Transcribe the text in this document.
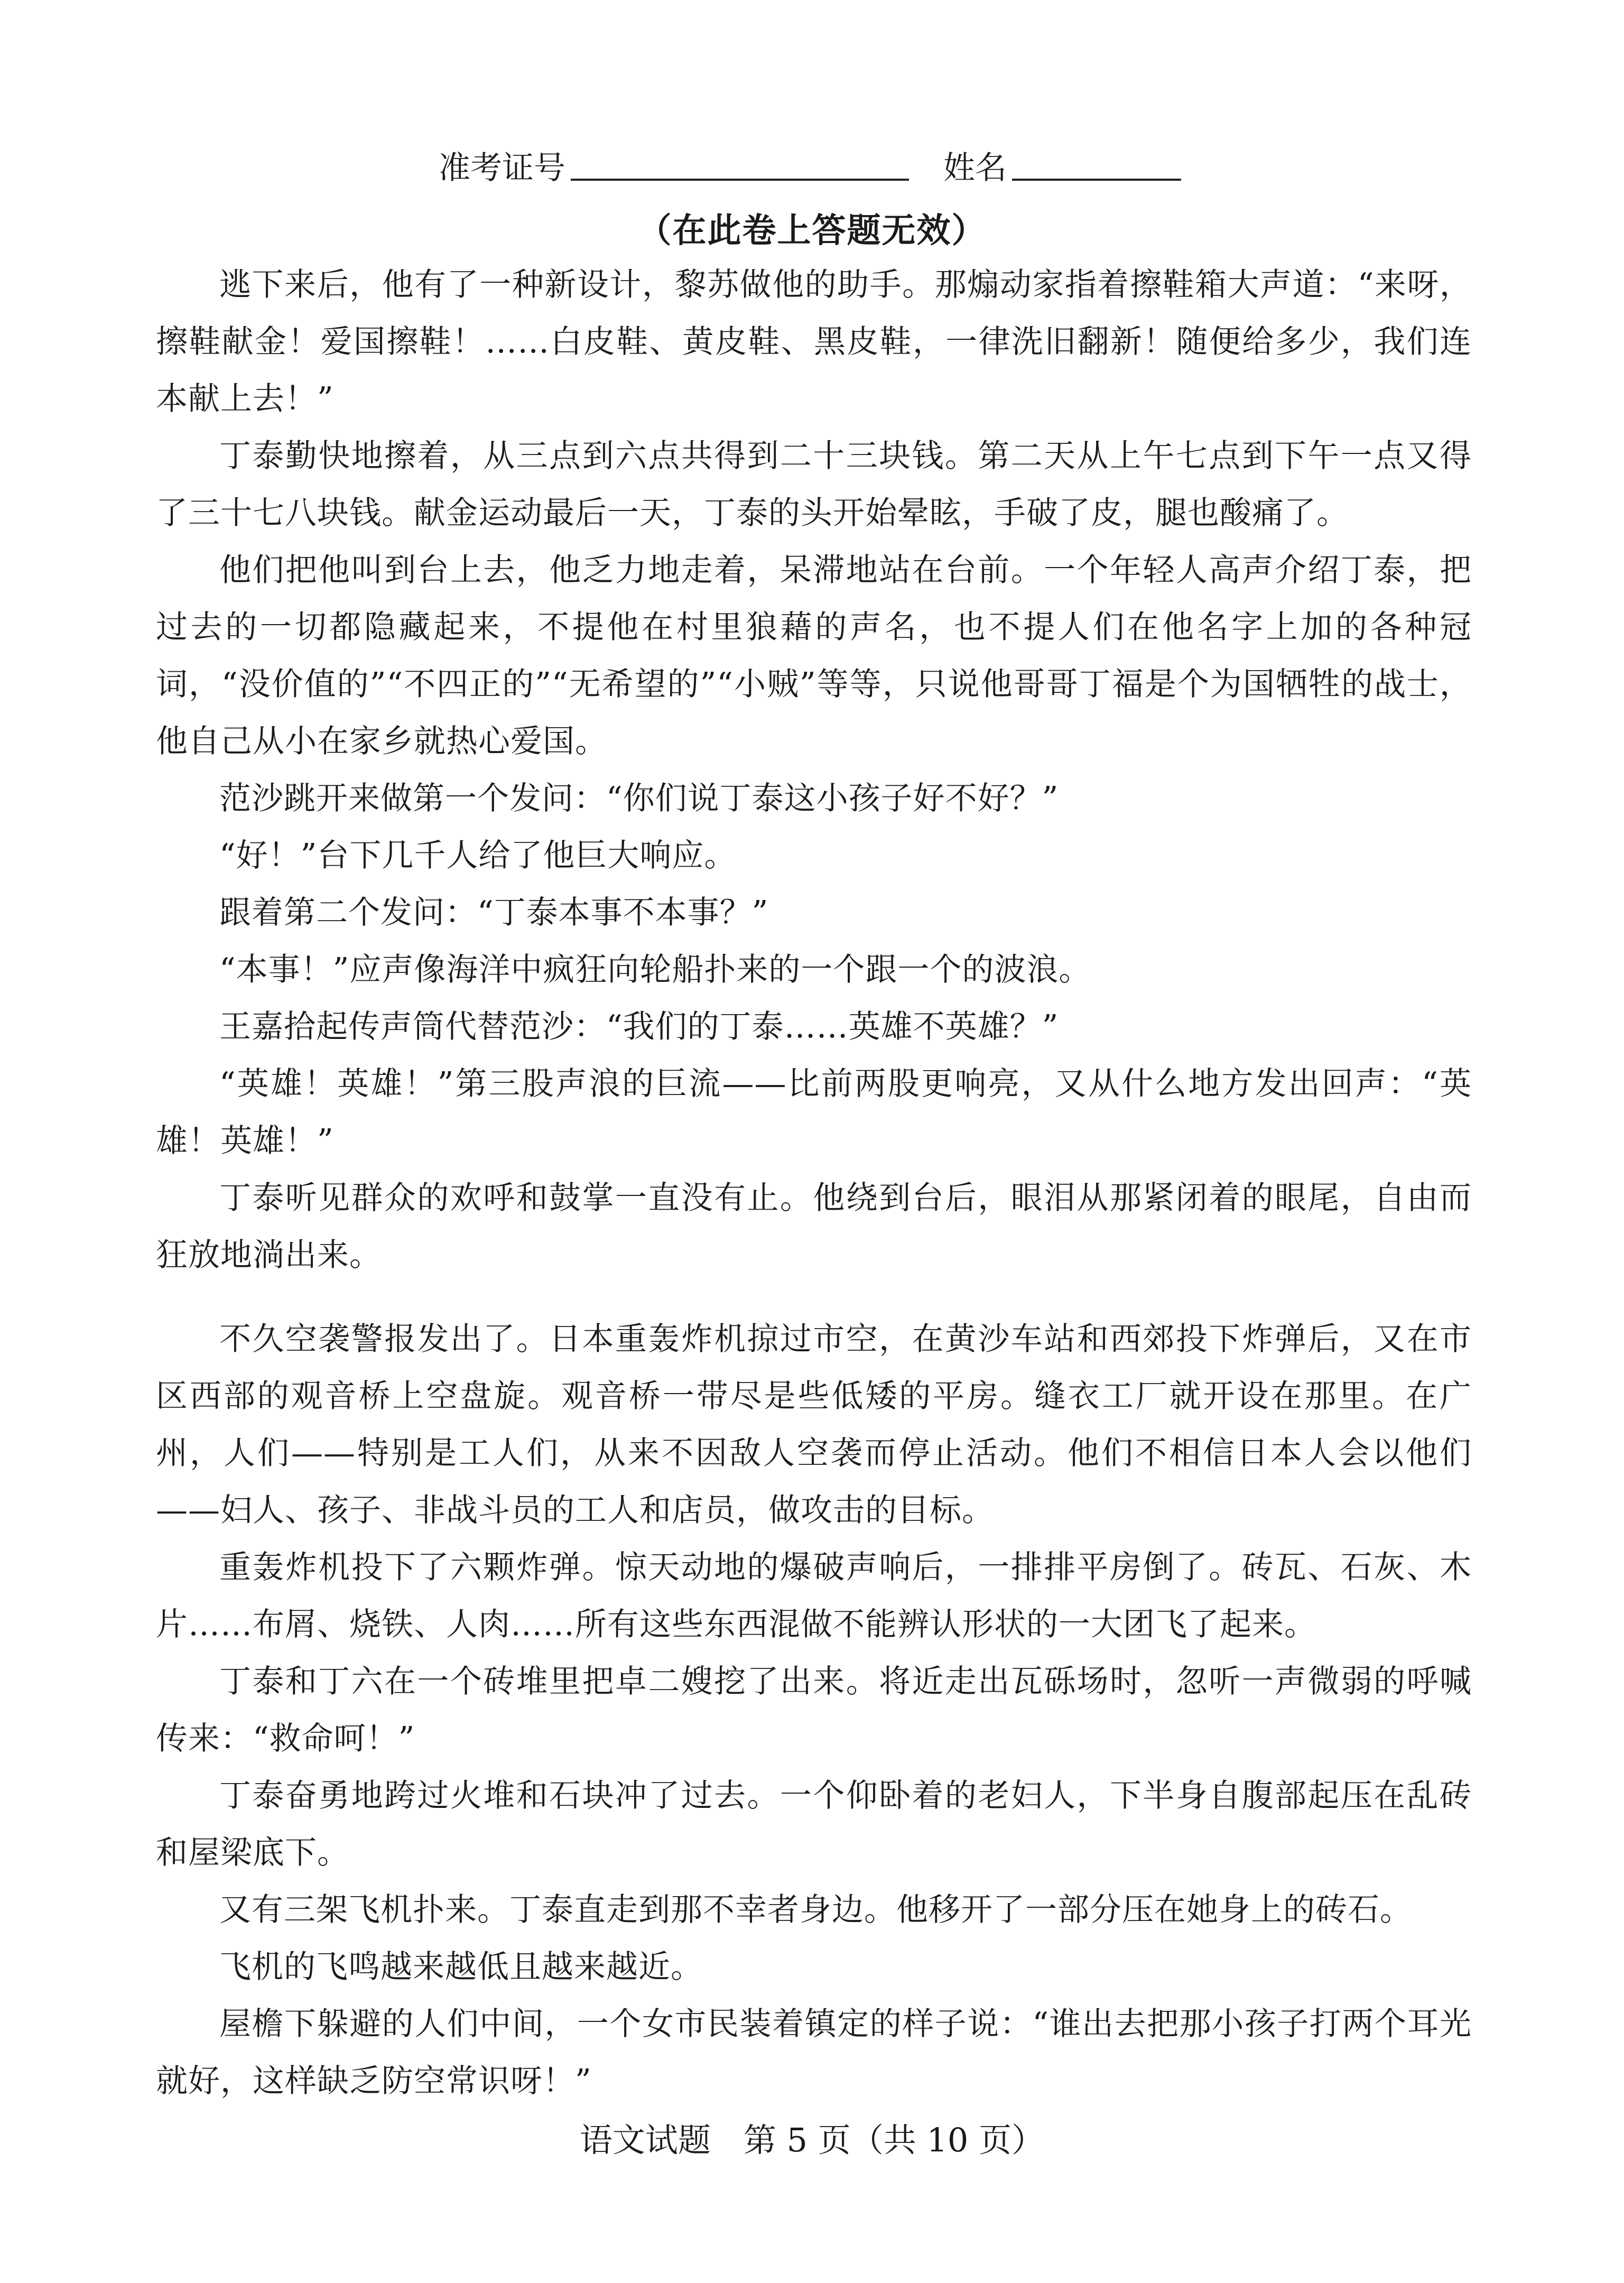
准考证号	姓名
（在此卷上答题无效）

逃下来后，他有了一种新设计，黎苏做他的助手。那煽动家指着擦鞋箱大声道：“来呀，擦鞋献金！爱国擦鞋！……白皮鞋、黄皮鞋、黑皮鞋，一律洗旧翻新！随便给多少，我们连本献上去！”

丁泰勤快地擦着，从三点到六点共得到二十三块钱。第二天从上午七点到下午一点又得了三十七八块钱。献金运动最后一天，丁泰的头开始晕眩，手破了皮，腿也酸痛了。

他们把他叫到台上去，他乏力地走着，呆滞地站在台前。一个年轻人高声介绍丁泰，把过去的一切都隐藏起来，不提他在村里狼藉的声名，也不提人们在他名字上加的各种冠词，“没价值的”“不四正的”“无希望的”“小贼”等等，只说他哥哥丁福是个为国牺牲的战士，他自己从小在家乡就热心爱国。

范沙跳开来做第一个发问：“你们说丁泰这小孩子好不好？”

“好！”台下几千人给了他巨大响应。

跟着第二个发问：“丁泰本事不本事？”

“本事！”应声像海洋中疯狂向轮船扑来的一个跟一个的波浪。

王嘉拾起传声筒代替范沙：“我们的丁泰……英雄不英雄？”

“英雄！英雄！”第三股声浪的巨流——比前两股更响亮，又从什么地方发出回声：“英雄！英雄！”

丁泰听见群众的欢呼和鼓掌一直没有止。他绕到台后，眼泪从那紧闭着的眼尾，自由而狂放地淌出来。

不久空袭警报发出了。日本重轰炸机掠过市空，在黄沙车站和西郊投下炸弹后，又在市区西部的观音桥上空盘旋。观音桥一带尽是些低矮的平房。缝衣工厂就开设在那里。在广州，人们——特别是工人们，从来不因敌人空袭而停止活动。他们不相信日本人会以他们——妇人、孩子、非战斗员的工人和店员，做攻击的目标。

重轰炸机投下了六颗炸弹。惊天动地的爆破声响后，一排排平房倒了。砖瓦、石灰、木片……布屑、烧铁、人肉……所有这些东西混做不能辨认形状的一大团飞了起来。

丁泰和丁六在一个砖堆里把卓二嫂挖了出来。将近走出瓦砾场时，忽听一声微弱的呼喊传来：“救命呵！”

丁泰奋勇地跨过火堆和石块冲了过去。一个仰卧着的老妇人，下半身自腹部起压在乱砖和屋梁底下。

又有三架飞机扑来。丁泰直走到那不幸者身边。他移开了一部分压在她身上的砖石。

飞机的飞鸣越来越低且越来越近。

屋檐下躲避的人们中间，一个女市民装着镇定的样子说：“谁出去把那小孩子打两个耳光就好，这样缺乏防空常识呀！”

语文试题　第 5 页（共 10 页）
